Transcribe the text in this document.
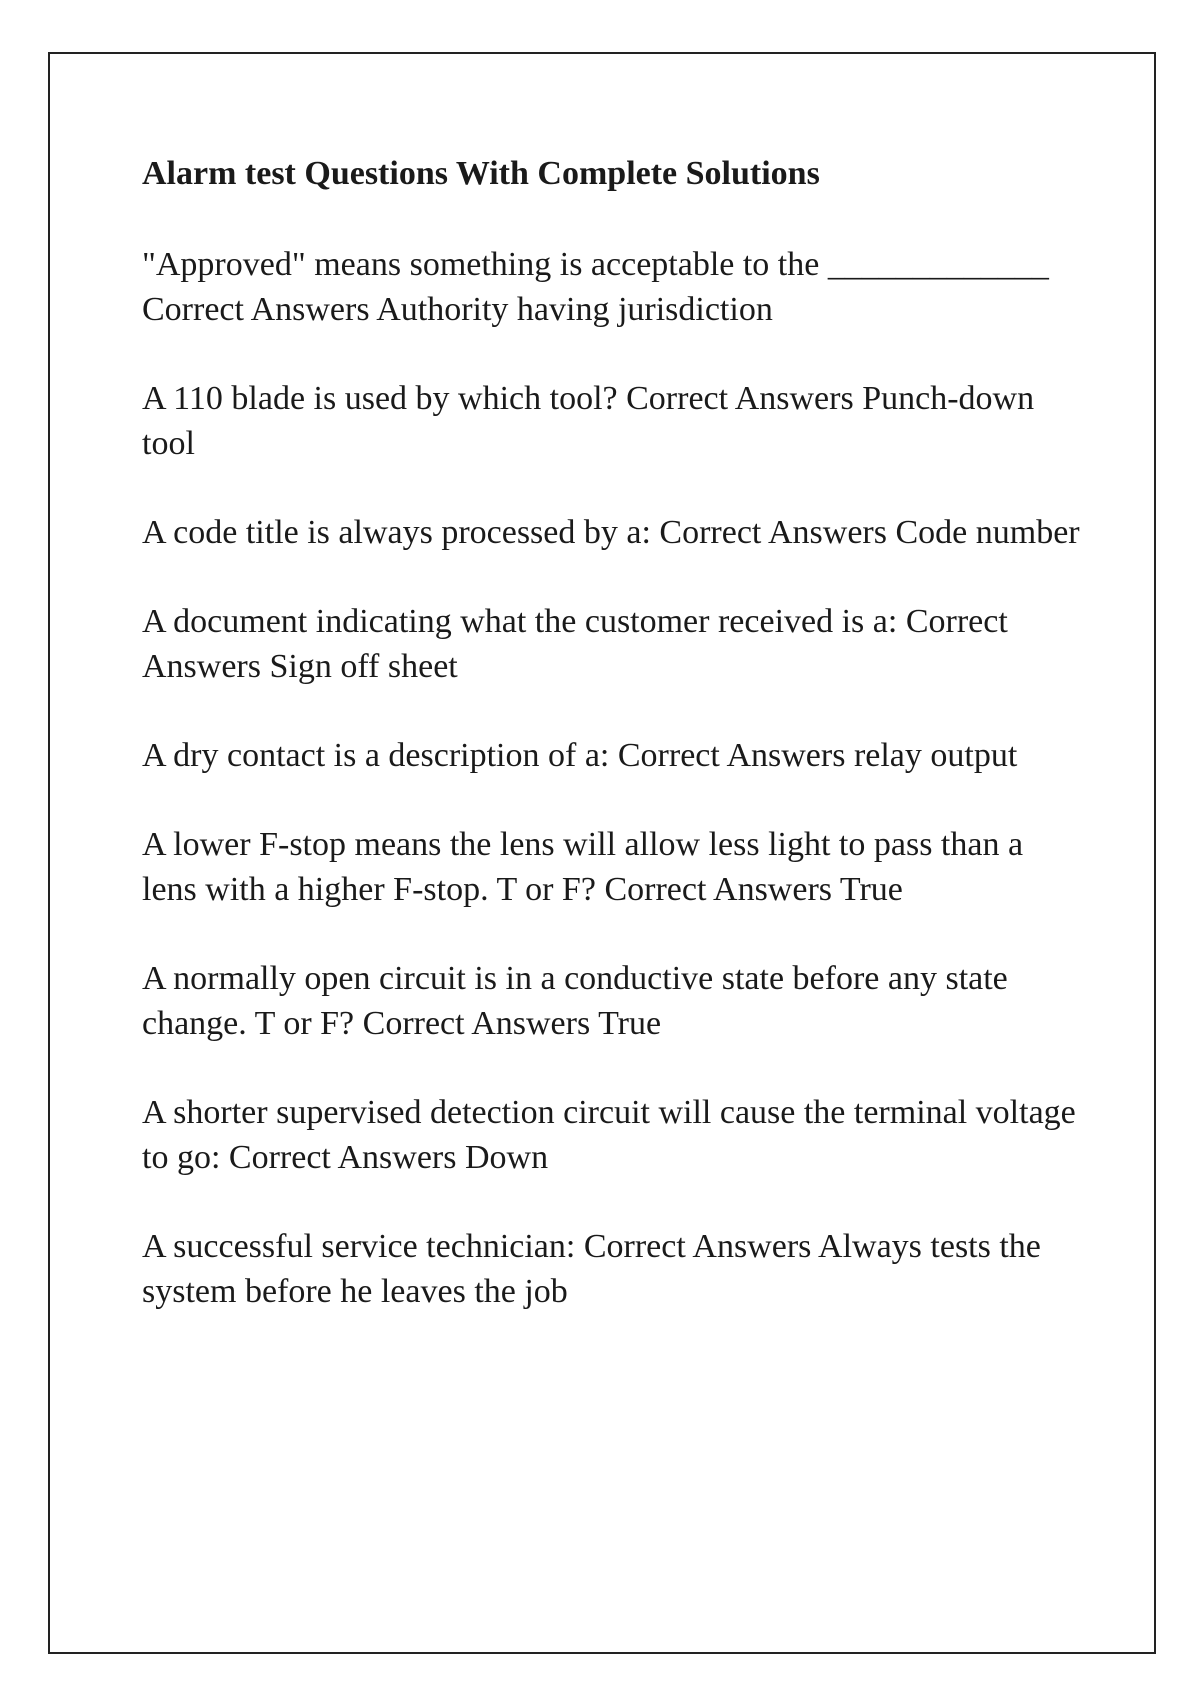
Alarm test Questions With Complete Solutions

"Approved" means something is acceptable to the _____________ Correct Answers Authority having jurisdiction

A 110 blade is used by which tool? Correct Answers Punch-down tool

A code title is always processed by a: Correct Answers Code number

A document indicating what the customer received is a: Correct Answers Sign off sheet

A dry contact is a description of a: Correct Answers relay output

A lower F-stop means the lens will allow less light to pass than a lens with a higher F-stop. T or F? Correct Answers True

A normally open circuit is in a conductive state before any state change. T or F? Correct Answers True

A shorter supervised detection circuit will cause the terminal voltage to go: Correct Answers Down

A successful service technician: Correct Answers Always tests the system before he leaves the job
